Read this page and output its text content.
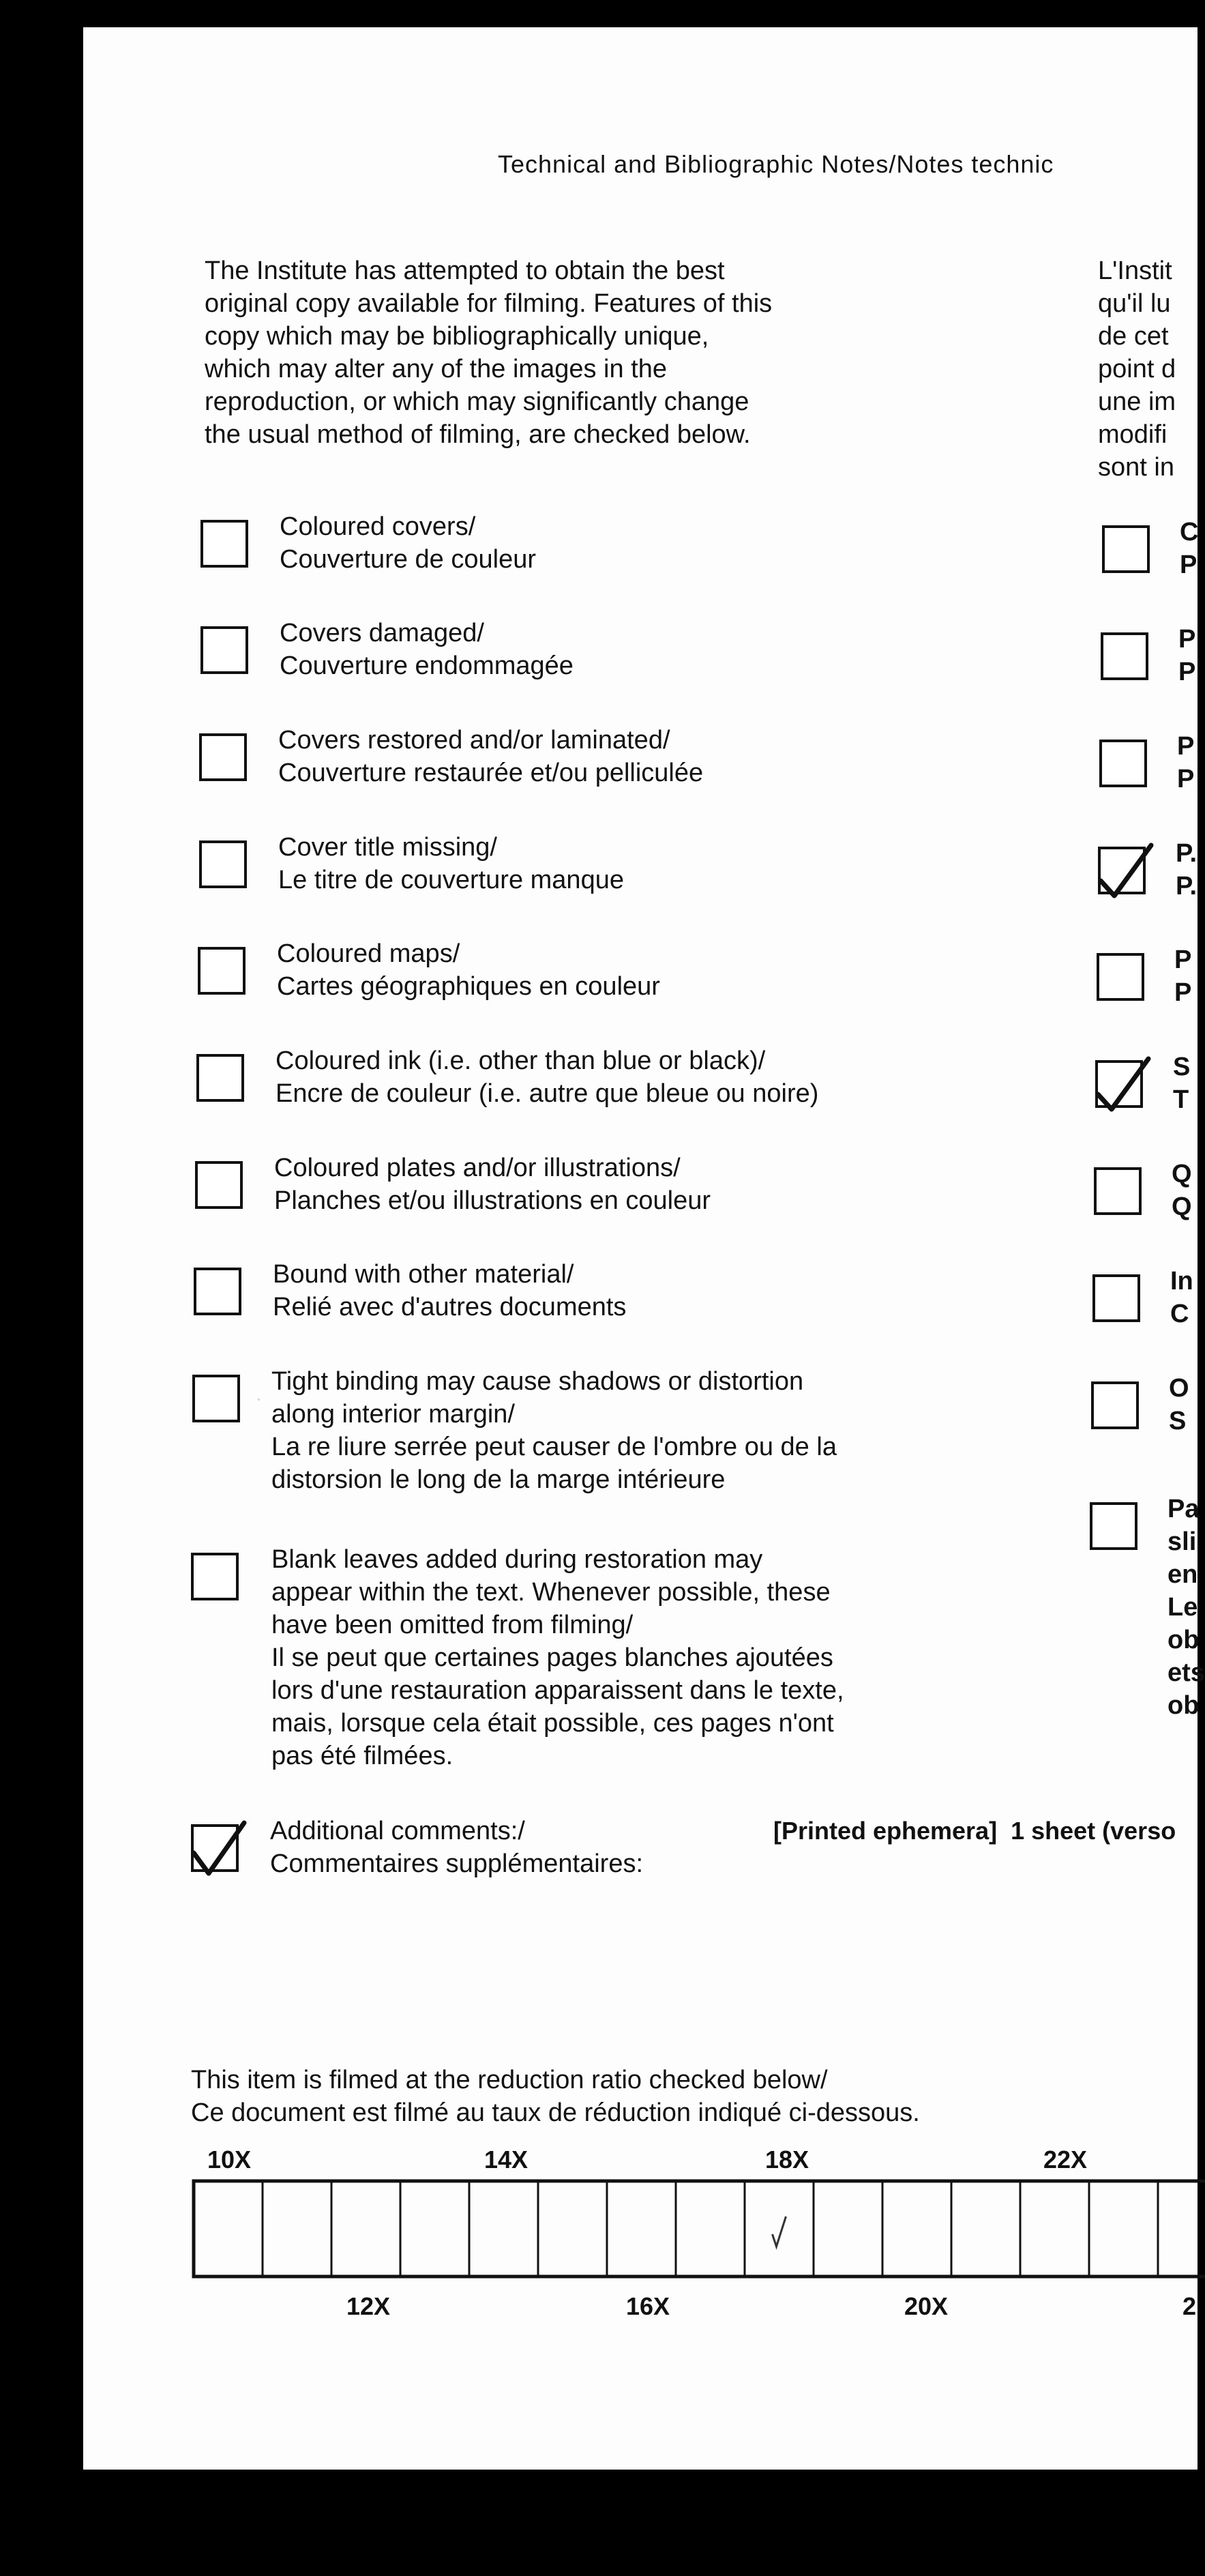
Technical and Bibliographic Notes/Notes technic
The Institute has attempted to obtain the best
original copy available for filming. Features of this
copy which may be bibliographically unique,
which may alter any of the images in the
reproduction, or which may significantly change
the usual method of filming, are checked below.
L'Instit
qu'il lu
de cet
point d
une im
modifi
sont in
Coloured covers/
Couverture de couleur
Covers damaged/
Couverture endommagée
Covers restored and/or laminated/
Couverture restaurée et/ou pelliculée
Cover title missing/
Le titre de couverture manque
Coloured maps/
Cartes géographiques en couleur
Coloured ink (i.e. other than blue or black)/
Encre de couleur (i.e. autre que bleue ou noire)
Coloured plates and/or illustrations/
Planches et/ou illustrations en couleur
Bound with other material/
Relié avec d'autres documents
Tight binding may cause shadows or distortion
along interior margin/
La re liure serrée peut causer de l'ombre ou de la
distorsion le long de la marge intérieure
Blank leaves added during restoration may
appear within the text. Whenever possible, these
have been omitted from filming/
Il se peut que certaines pages blanches ajoutées
lors d'une restauration apparaissent dans le texte,
mais, lorsque cela était possible, ces pages n'ont
pas été filmées.
C
P
P
P
P
P
P.
P.
P
P
S
T
Q
Q
In
C
O
S
Pa
sli
en
Le
ob
ets
ob
Additional comments:/
Commentaires supplémentaires:
[Printed ephemera]  1 sheet (verso
This item is filmed at the reduction ratio checked below/
Ce document est filmé au taux de réduction indiqué ci-dessous.
10X	14X	18X	22X
12X	16X	20X	2
